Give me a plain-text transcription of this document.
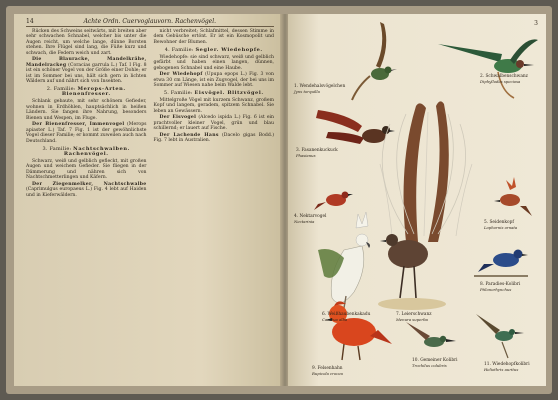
14	Achte Ordn. Cuervoglauvorn. Rachenvögel.

Rücken des Schweins seitwärts, mit breiten aber sehr schwachen Schnabel, welcher bis unter die Augen reicht, um welche lange, dünne Borsten stehen. Ihre Flügel sind lang, die Füße kurz und schwach, die Federn weich und zart.

Die Blauracke, Mandelkrähe, Mandelrackeg (Coracias garrula L.) Taf. I Fig. 8 ist ein schöner Vogel von der Größe einer Dohle; er ist im Sommer bei uns, hält sich gern in lichten Wäldern auf und nährt sich von Insekten.

2. Familie: Merops-Arten. Bienenfresser.

Schlank gebaute, mit sehr schönem Gefieder, wohnen in Erdhöhlen, hauptsächlich in heißen Ländern. Sie fangen ihre Nahrung, besonders Bienen und Wespen, im Fluge.

Der Bienenfresser, Immenvogel (Merops apiaster L.) Taf. 7 Fig. 1 ist der gewöhnlichste Vogel dieser Familie; er kommt zuweilen auch nach Deutschland.

3. Familie: Nachtschwalben. Rachenvögel.

Schwarz, weiß und gelblich gefleckt, mit großen Augen und weichem Gefieder. Sie fliegen in der Dämmerung und nähren sich von Nachtschmetterlingen und Käfern.

Der Ziegenmelker, Nachtschwalbe (Caprimulgus europaeus L.) Fig. 4 lebt auf Haiden und in Kieferwäldern.

nicht verbreitet; Schlafmittel, dessen Stimme in dem Gebüsche ertönt. Er ist ein Kosmopolit und Bewohner der Blumen.

4. Familie: Segler. Wiedehopfe.

Wiedehopfe: sie sind schwarz, weiß und gelblich gefärbt und haben einen langen, dünnen, gebogenen Schnabel und eine Haube.

Der Wiedehopf (Upupa epops L.) Fig. 3 von etwa 30 cm Länge, ist ein Zugvogel, der bei uns im Sommer auf Wiesen nahe beim Walde lebt.

5. Familie: Eisvögel. Blitzvögel.

Mittelgroße Vögel mit kurzem Schwanz, großem Kopf und langem, geradem, spitzem Schnabel. Sie leben an Gewässern.

Der Eisvogel (Alcedo ispida L.) Fig. 6 ist ein prachtvoller kleiner Vogel, grün und blau schillernd; er lauert auf Fische.

Der Lachende Hans (Dacelo gigas Bodd.) Fig. 7 lebt in Australien.

3
1. Wendehalsvögelchen
Jynx torquilla
2. Schwalbenschwanz
Diphyllodes speciosa
3. Fasanenkuckuck
Phasianus
4. Nektarvogel
Nectarinia	5. Seidenkopf
Lophornis ornata
6. Weißhaubenkakadu
Cacatua alba
7. Leierschwanz
Menura superba
8. Paradies-Kolibri
Ptilonorhynchus
9. Felsenhahn
Rupicola crocea
10. Gemeiner Kolibri
Trochilus colubris	11. Wiedehopfkolibri
Heliothrix auritus
